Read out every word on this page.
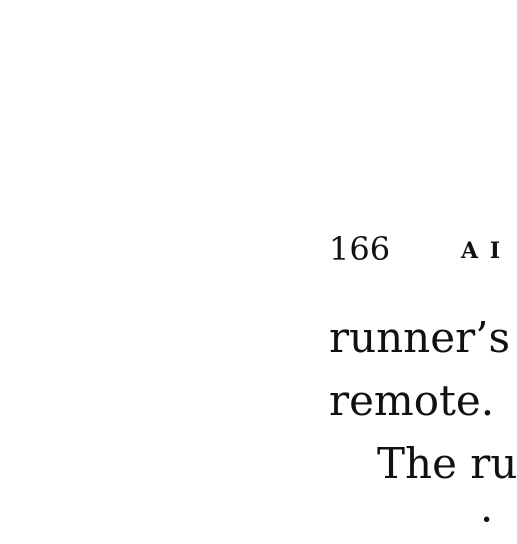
166	A I
runner’s
remote.
The ru
·
